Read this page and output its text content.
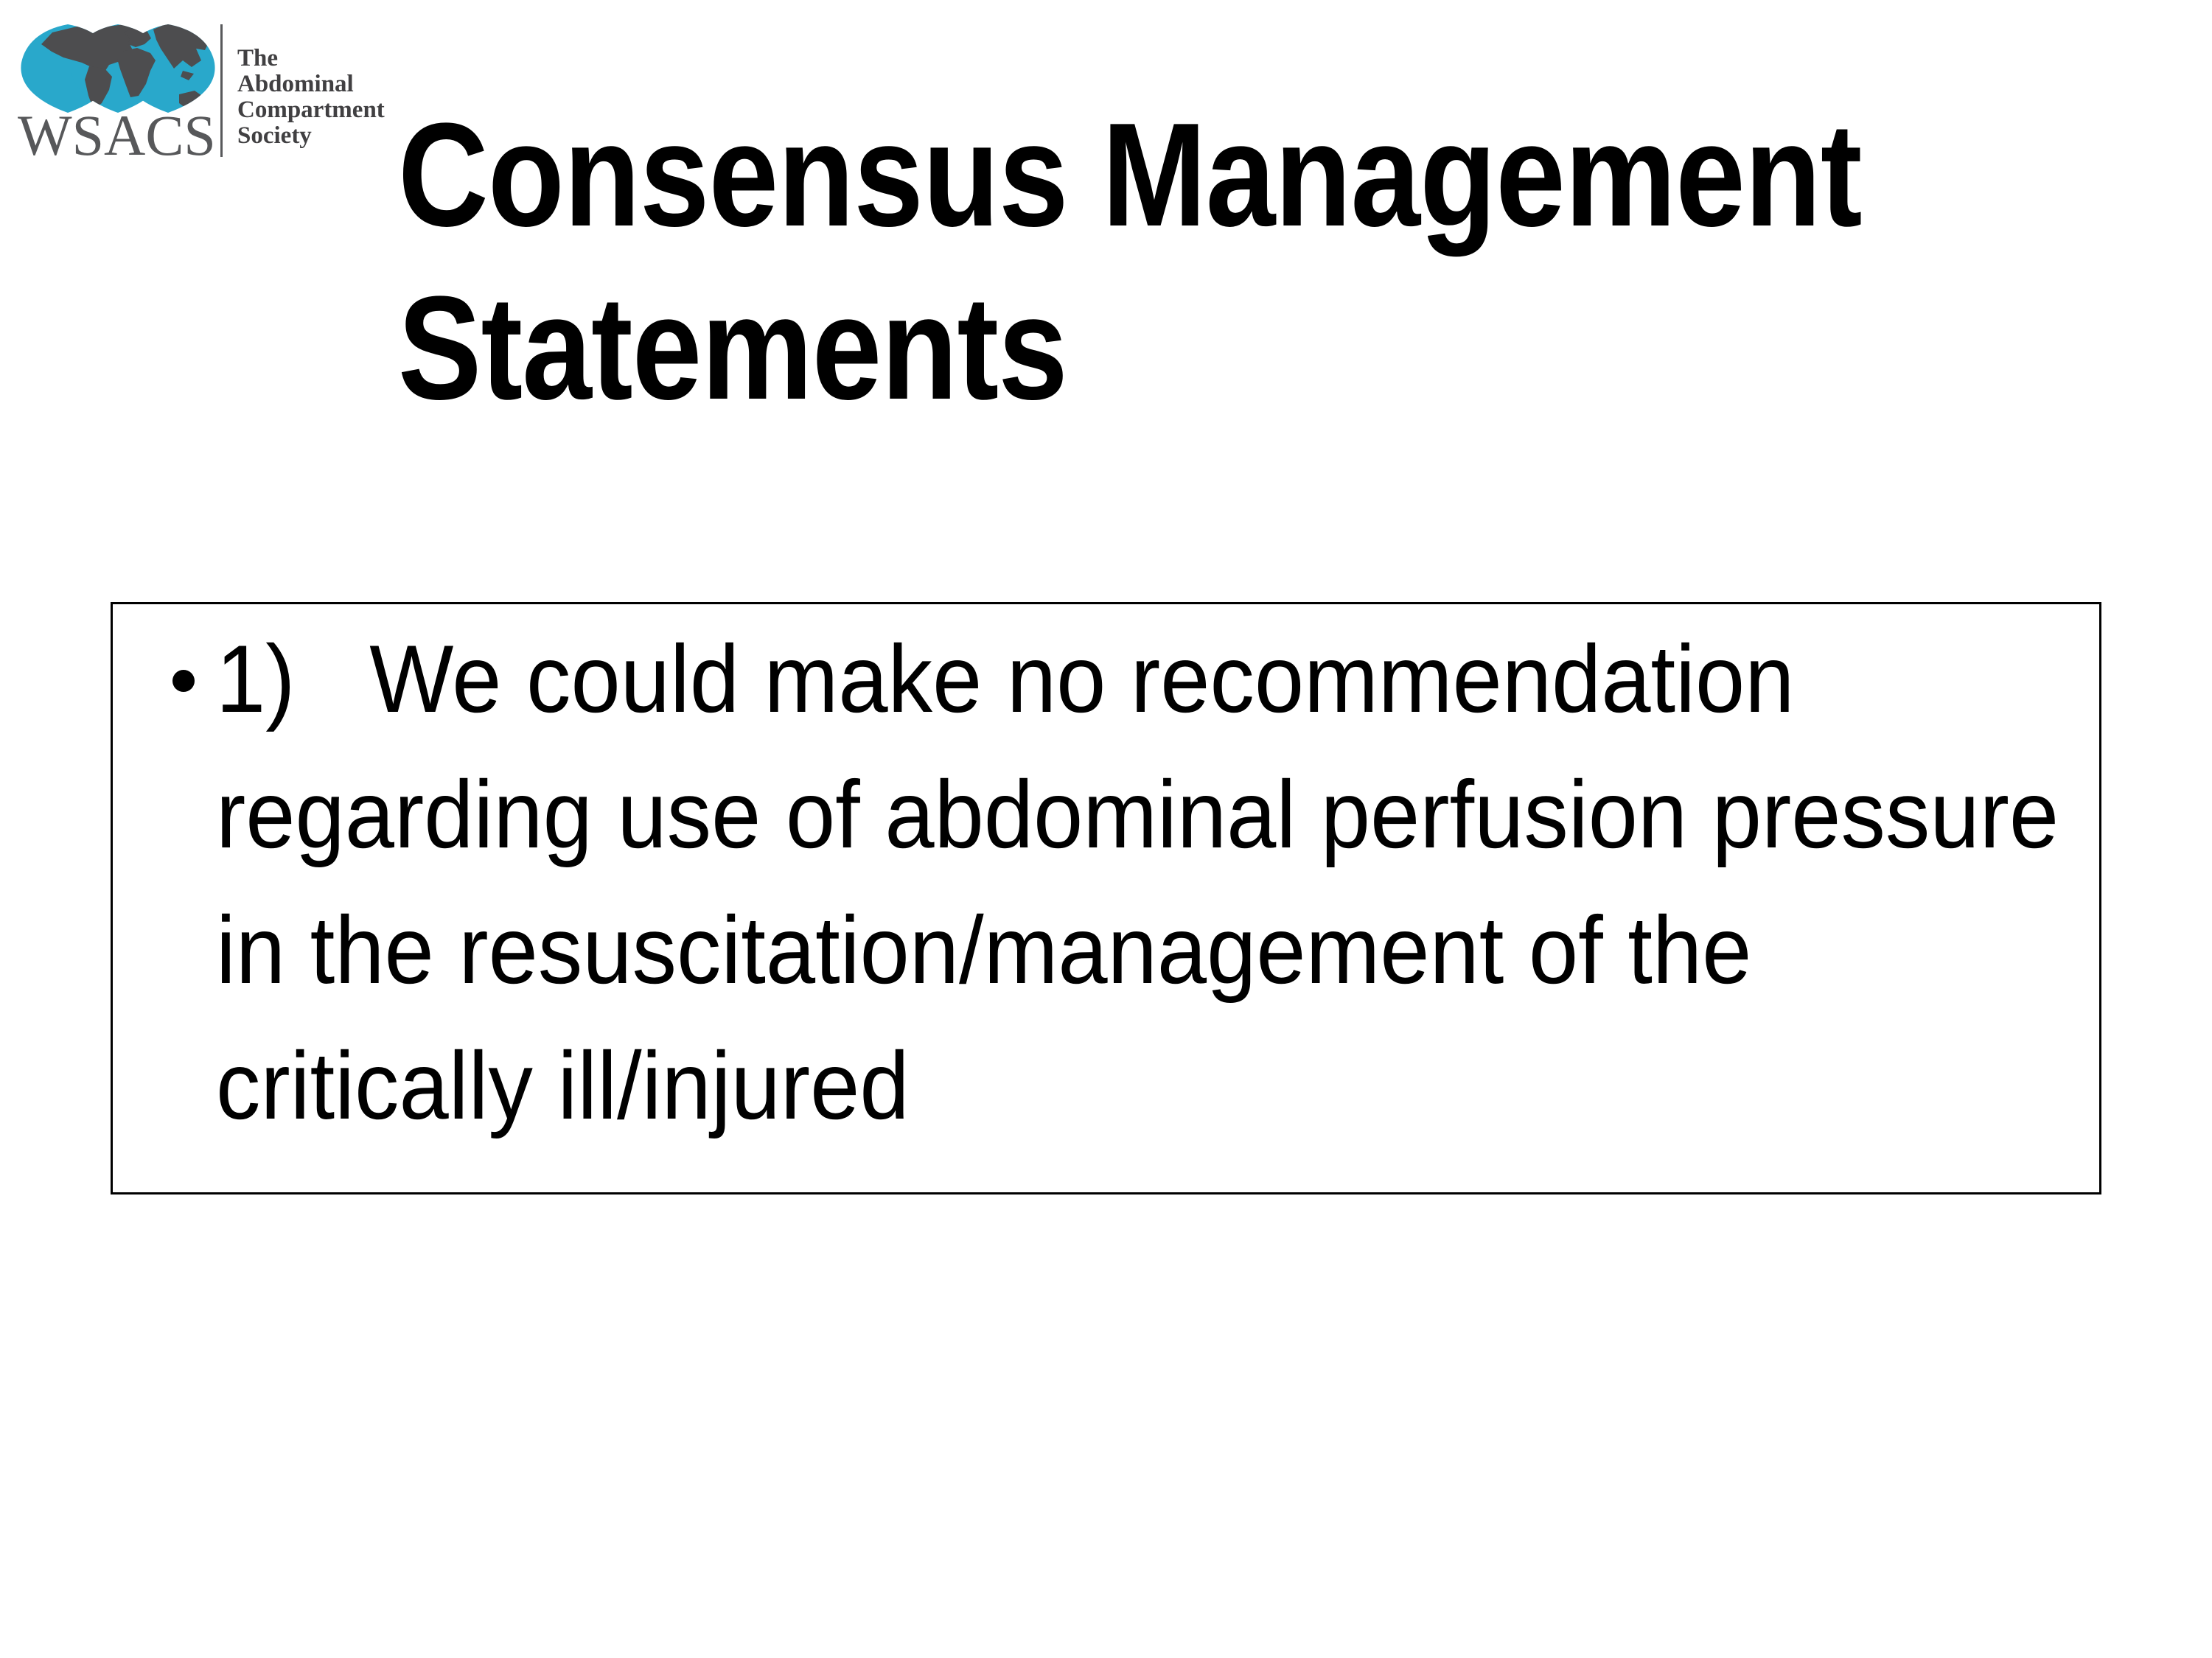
WSACS
The
Abdominal
Compartment
Society Consensus Management
Statements
1)   We could make no recommendation
regarding use of abdominal perfusion pressure
in the resuscitation/management of the
critically ill/injured
